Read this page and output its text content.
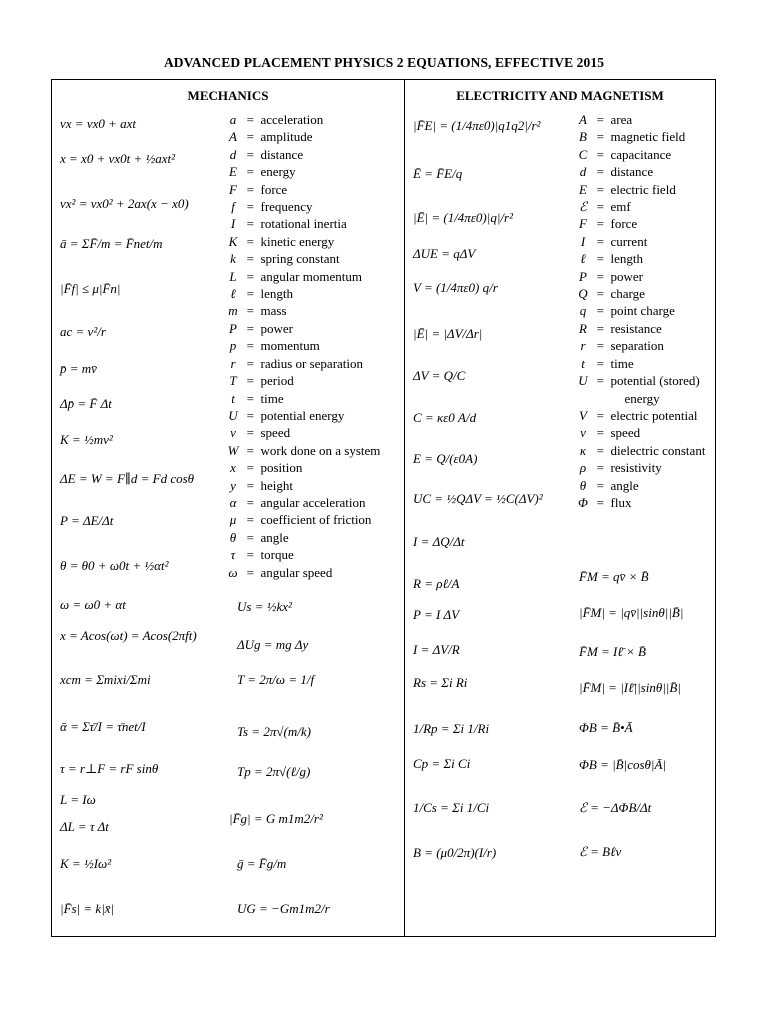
ADVANCED PLACEMENT PHYSICS 2 EQUATIONS, EFFECTIVE 2015
MECHANICS	ELECTRICITY AND MAGNETISM
vx = vx0 + axt
x = x0 + vx0t + ½axt²
vx² = vx0² + 2ax(x − x0)
ā = ΣF̄/m = F̄net/m
|F̄f| ≤ μ|F̄n|
ac = v²/r
p̄ = mv̄
Δp̄ = F̄ Δt
K = ½mv²
ΔE = W = F∥d = Fd cosθ
P = ΔE/Δt
θ = θ0 + ω0t + ½αt²
ω = ω0 + αt
x = Acos(ωt) = Acos(2πft)
xcm = Σmixi/Σmi
ᾱ = Στ̄/I = τ̄net/I
τ = r⊥F = rF sinθ
L = Iω
ΔL = τ Δt
K = ½Iω²
|F̄s| = k|x̄|
Us = ½kx²
ΔUg = mg Δy
T = 2π/ω = 1/f
Ts = 2π√(m/k)
Tp = 2π√(ℓ/g)
|F̄g| = G m1m2/r²
ḡ = F̄g/m
UG = −Gm1m2/r
a = acceleration
A = amplitude
d = distance
E = energy
F = force
f = frequency
I = rotational inertia
K = kinetic energy
k = spring constant
L = angular momentum
ℓ = length
m = mass
P = power
p = momentum
r = radius or separation
T = period
t = time
U = potential energy
v = speed
W = work done on a system
x = position
y = height
α = angular acceleration
μ = coefficient of friction
θ = angle
τ = torque
ω = angular speed
|F̄E| = (1/4πε0)|q1q2|/r²
Ē = F̄E/q
|Ē| = (1/4πε0)|q|/r²
ΔUE = qΔV
V = (1/4πε0) q/r
|Ē| = |ΔV/Δr|
ΔV = Q/C
C = κε0 A/d
E = Q/(ε0A)
UC = ½QΔV = ½C(ΔV)²
I = ΔQ/Δt
R = ρℓ/A
P = I ΔV
I = ΔV/R
Rs = Σi Ri
1/Rp = Σi 1/Ri
Cp = Σi Ci
1/Cs = Σi 1/Ci
B = (μ0/2π)(I/r)
F̄M = qv̄ × B̄
|F̄M| = |qv̄||sinθ||B̄|
F̄M = Iℓ̄ × B̄
|F̄M| = |Iℓ̄||sinθ||B̄|
ΦB = B̄•Ā
ΦB = |B̄|cosθ|Ā|
ℰ = −ΔΦB/Δt
ℰ = Bℓv
A = area
B = magnetic field
C = capacitance
d = distance
E = electric field
ℰ = emf
F = force
I = current
ℓ = length
P = power
Q = charge
q = point charge
R = resistance
r = separation
t = time
U = potential (stored)
energy
V = electric potential
v = speed
κ = dielectric constant
ρ = resistivity
θ = angle
Φ = flux
